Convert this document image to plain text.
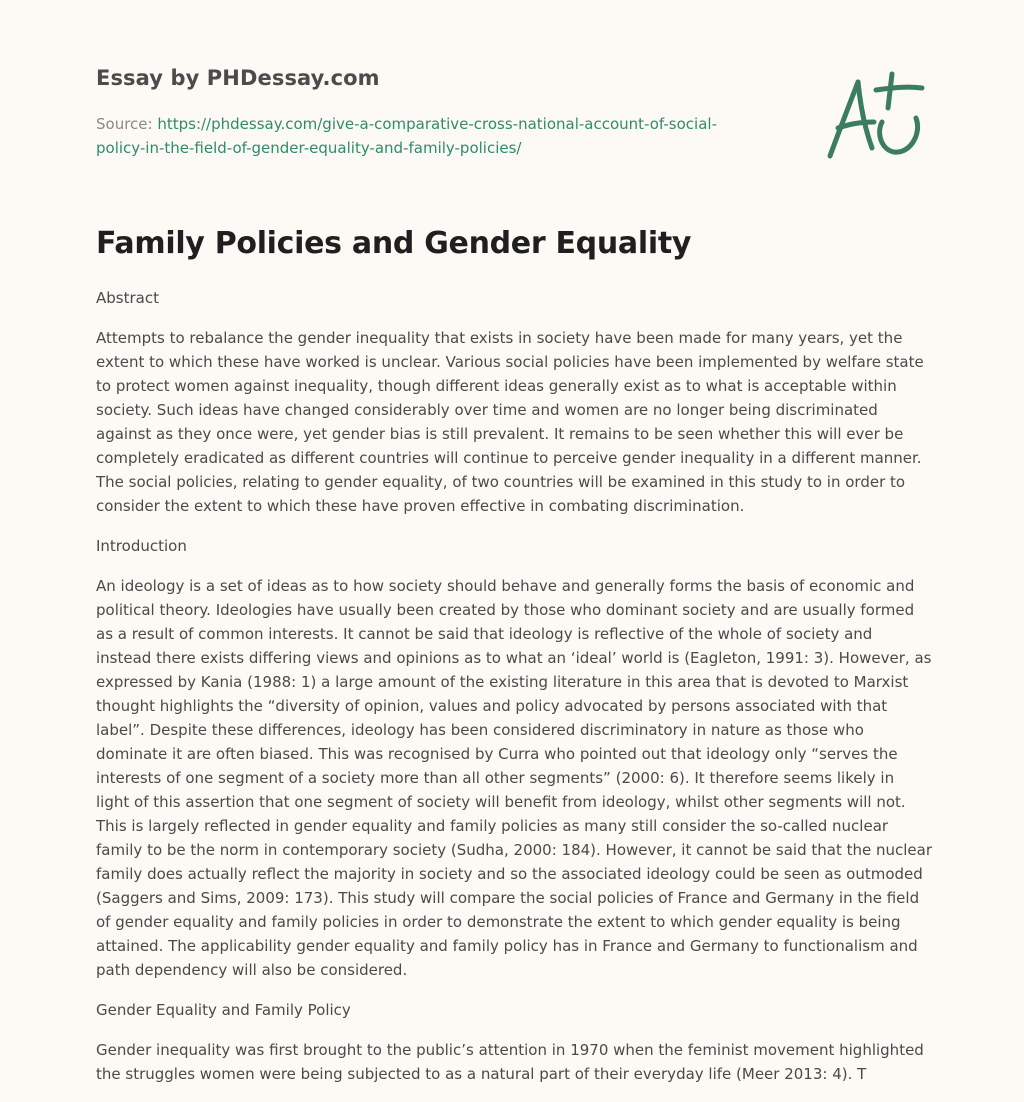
Essay by PHDessay.com
Source: https://phdessay.com/give-a-comparative-cross-national-account-of-social-policy-in-the-field-of-gender-equality-and-family-policies/
Family Policies and Gender Equality

Abstract

Attempts to rebalance the gender inequality that exists in society have been made for many years, yet the extent to which these have worked is unclear. Various social policies have been implemented by welfare state to protect women against inequality, though different ideas generally exist as to what is acceptable within society. Such ideas have changed considerably over time and women are no longer being discriminated against as they once were, yet gender bias is still prevalent. It remains to be seen whether this will ever be completely eradicated as different countries will continue to perceive gender inequality in a different manner. The social policies, relating to gender equality, of two countries will be examined in this study to in order to consider the extent to which these have proven effective in combating discrimination.

Introduction

An ideology is a set of ideas as to how society should behave and generally forms the basis of economic and political theory. Ideologies have usually been created by those who dominant society and are usually formed as a result of common interests. It cannot be said that ideology is reflective of the whole of society and instead there exists differing views and opinions as to what an ‘ideal’ world is (Eagleton, 1991: 3). However, as expressed by Kania (1988: 1) a large amount of the existing literature in this area that is devoted to Marxist thought highlights the “diversity of opinion, values and policy advocated by persons associated with that label”. Despite these differences, ideology has been considered discriminatory in nature as those who dominate it are often biased. This was recognised by Curra who pointed out that ideology only “serves the interests of one segment of a society more than all other segments” (2000: 6). It therefore seems likely in light of this assertion that one segment of society will benefit from ideology, whilst other segments will not. This is largely reflected in gender equality and family policies as many still consider the so-called nuclear family to be the norm in contemporary society (Sudha, 2000: 184). However, it cannot be said that the nuclear family does actually reflect the majority in society and so the associated ideology could be seen as outmoded (Saggers and Sims, 2009: 173). This study will compare the social policies of France and Germany in the field of gender equality and family policies in order to demonstrate the extent to which gender equality is being attained. The applicability gender equality and family policy has in France and Germany to functionalism and path dependency will also be considered.

Gender Equality and Family Policy

Gender inequality was first brought to the public’s attention in 1970 when the feminist movement highlighted the struggles women were being subjected to as a natural part of their everyday life (Meer 2013: 4). T
